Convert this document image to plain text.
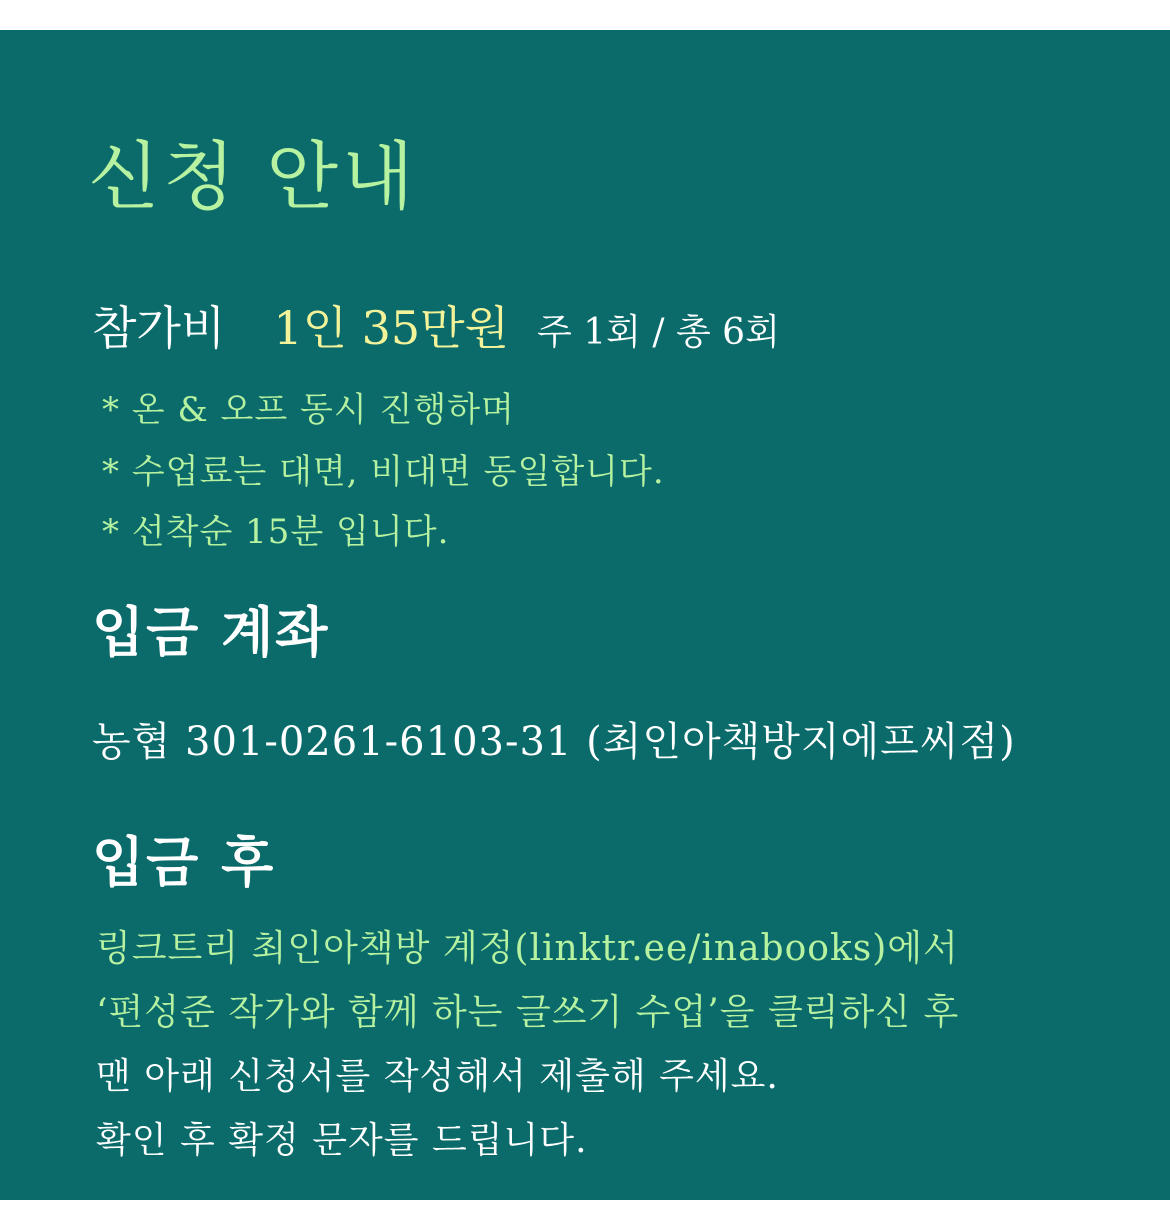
신청 안내
참가비 1인 35만원 주 1회 / 총 6회

* 온 & 오프 동시 진행하며

* 수업료는 대면, 비대면 동일합니다.

* 선착순 15분 입니다.

입금 계좌

농협 301-0261-6103-31 (최인아책방지에프씨점)

입금 후

링크트리 최인아책방 계정(linktr.ee/inabooks)에서

‘편성준 작가와 함께 하는 글쓰기 수업’을 클릭하신 후

맨 아래 신청서를 작성해서 제출해 주세요.

확인 후 확정 문자를 드립니다.
